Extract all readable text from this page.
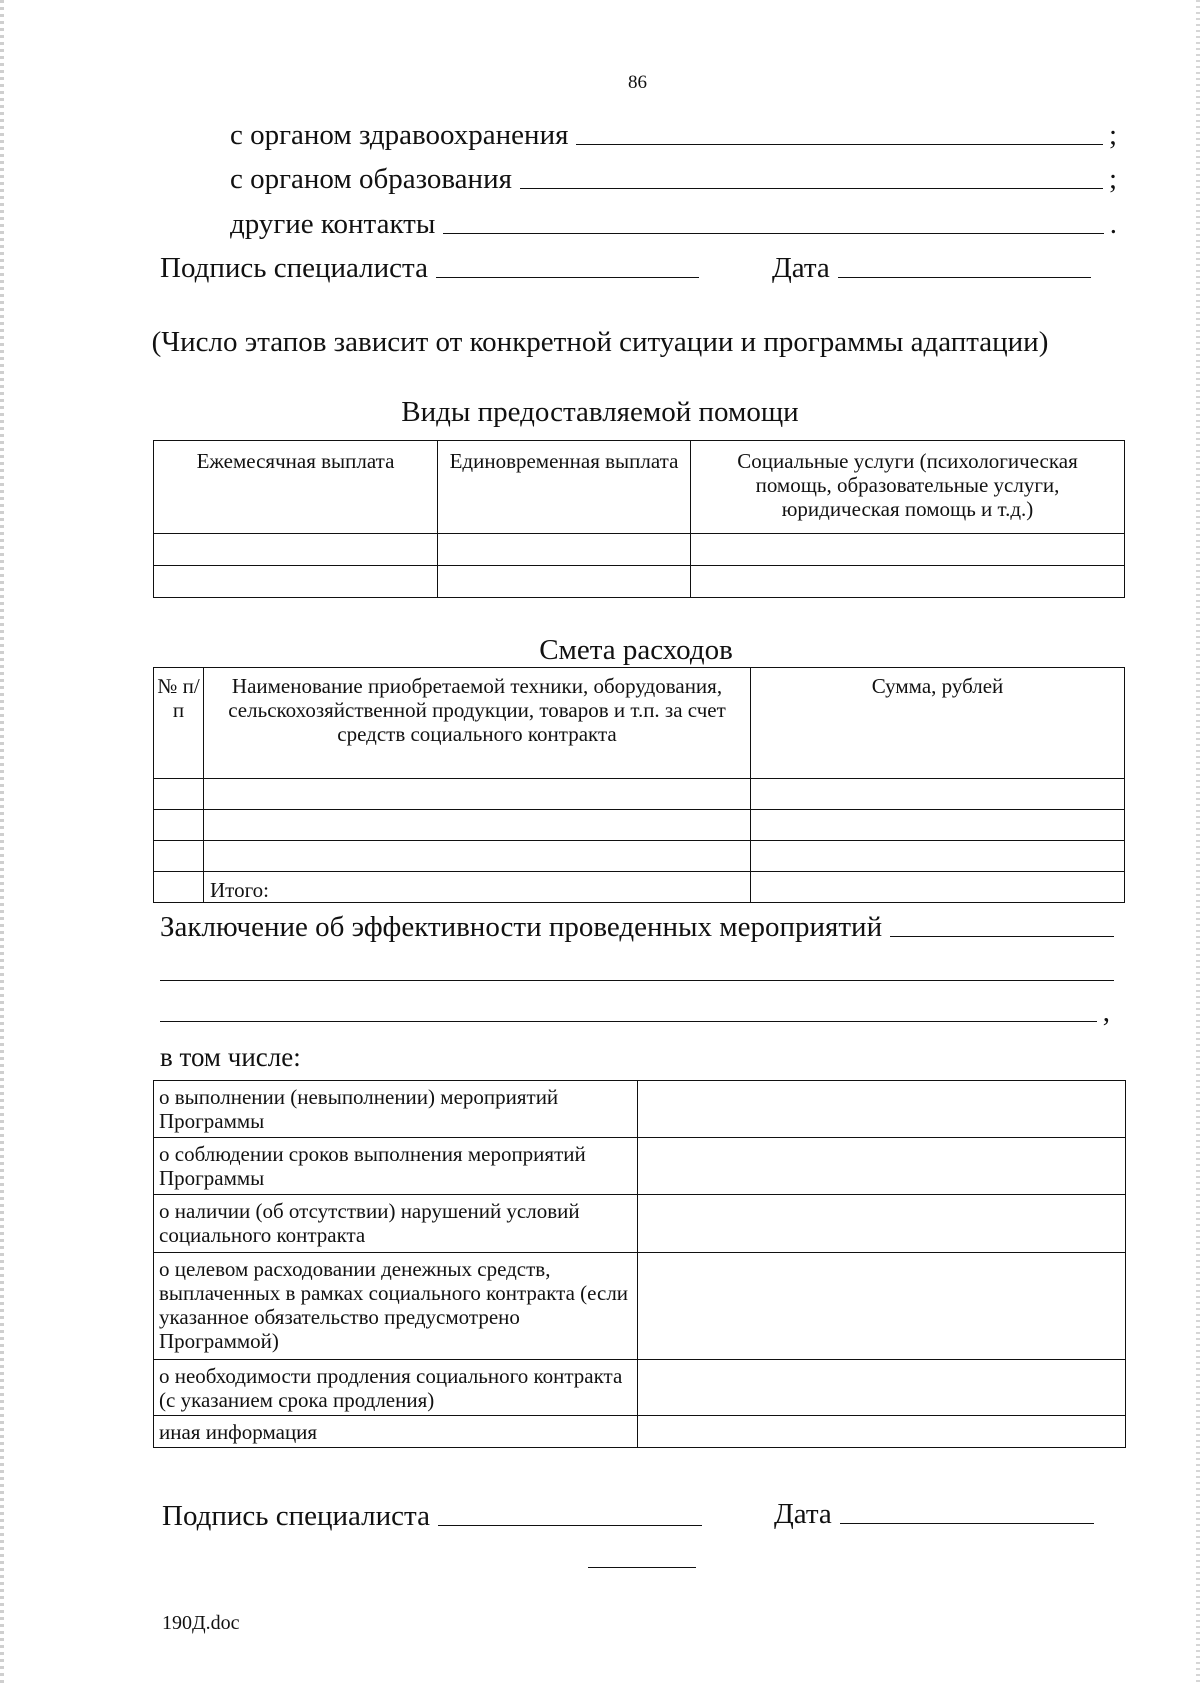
86
с органом здравоохранения	;
с органом образования	;
другие контакты	.
Подпись специалиста	Дата
(Число этапов зависит от конкретной ситуации и программы адаптации)
Виды предоставляемой помощи
Ежемесячная выплата	Единовременная выплата	Социальные услуги (психологическая помощь, образовательные услуги, юридическая помощь и т.д.)

Смета расходов
№ п/п	Наименование приобретаемой техники, оборудования, сельскохозяйственной продукции, товаров и т.п. за счет средств социального контракта	Сумма, рублей

	Итого:	
Заключение об эффективности проведенных мероприятий
,
в том числе:
о выполнении (невыполнении) мероприятий Программы	
о соблюдении сроков выполнения мероприятий Программы	
о наличии (об отсутствии) нарушений условий социального контракта	
о целевом расходовании денежных средств, выплаченных в рамках социального контракта (если указанное обязательство предусмотрено Программой)	
о необходимости продления социального контракта (с указанием срока продления)	
иная информация	
Подпись специалиста	Дата
190Д.doc
